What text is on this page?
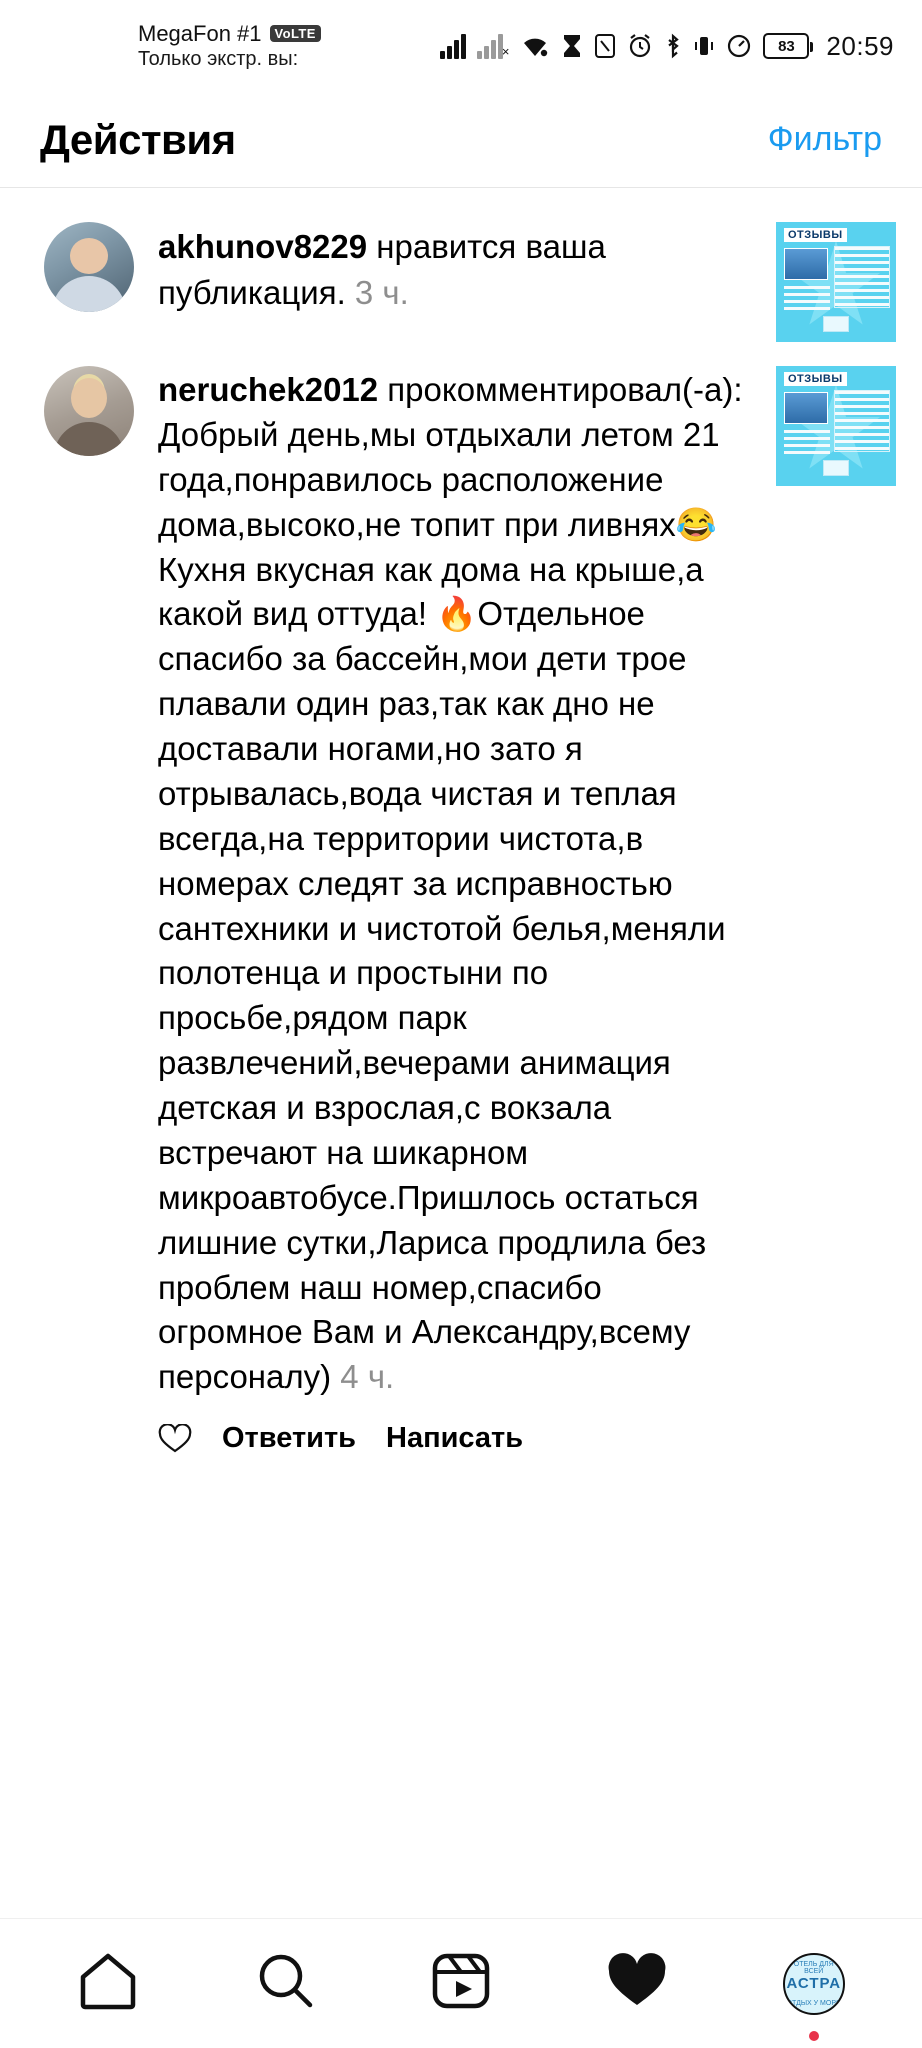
MegaFon #1	VoLTE
Только экстр. вы:	×	83 20:59
Действия	Фильтр
akhunov8229 нравится ваша публикация. 3 ч.
ОТЗЫВЫ
neruchek2012 прокомментировал(-а): Добрый день,мы отдыхали летом 21 года,понравилось расположение дома,высоко,не топит при ливнях😂Кухня вкусная как дома на крыше,а какой вид оттуда! 🔥Отдельное спасибо за бассейн,мои дети трое плавали один раз,так как дно не доставали ногами,но зато я отрывалась,вода чистая и теплая всегда,на территории чистота,в номерах следят за исправностью сантехники и чистотой белья,меняли полотенца и простыни по просьбе,рядом парк развлечений,вечерами анимация детская и взрослая,с вокзала встречают на шикарном микроавтобусе.Пришлось остаться лишние сутки,Лариса продлила без проблем наш номер,спасибо огромное Вам и Александру,всему персоналу) 4 ч.
ОТЗЫВЫ
Ответить Написать
ОТЕЛЬ ДЛЯ ВСЕЙ
АСТРА
ОТДЫХ У МОРЯ
